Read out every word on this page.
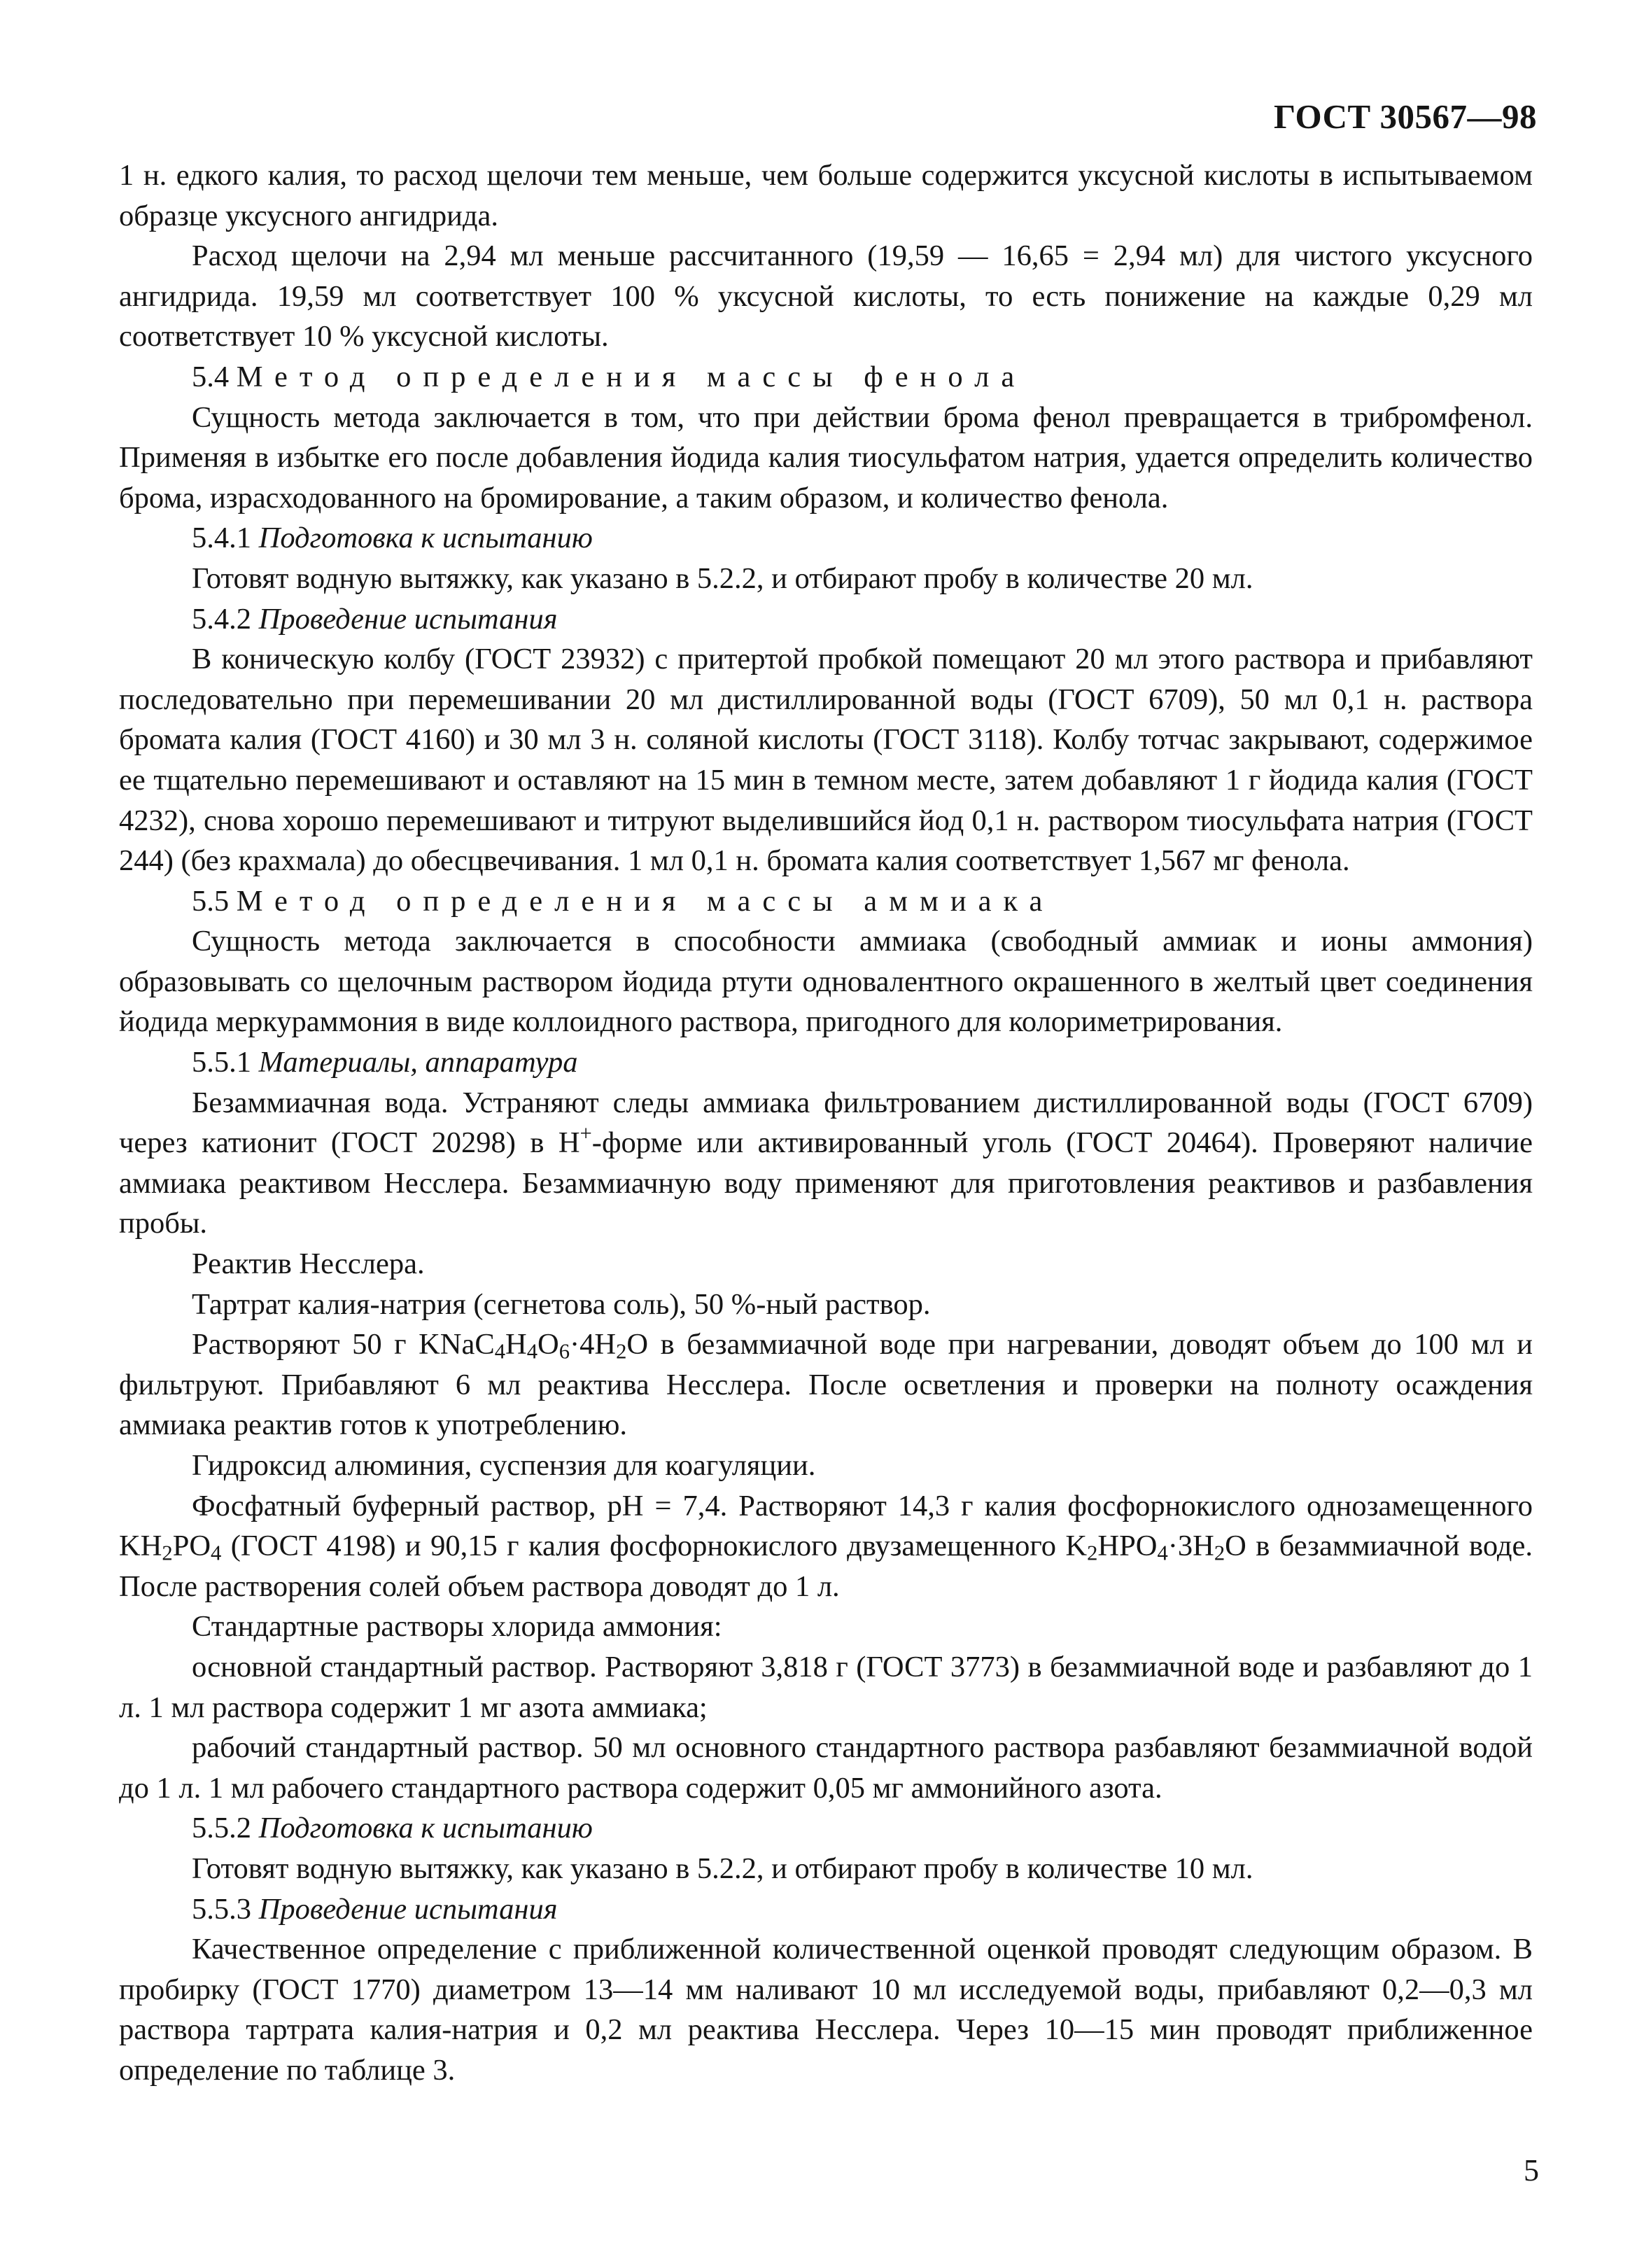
ГОСТ 30567—98

1 н. едкого калия, то расход щелочи тем меньше, чем больше содержится уксусной кислоты в испытываемом образце уксусного ангидрида.

Расход щелочи на 2,94 мл меньше рассчитанного (19,59 — 16,65 = 2,94 мл) для чистого уксусного ангидрида. 19,59 мл соответствует 100 % уксусной кислоты, то есть понижение на каждые 0,29 мл соответствует 10 % уксусной кислоты.

5.4 Метод определения массы фенола

Сущность метода заключается в том, что при действии брома фенол превращается в трибромфенол. Применяя в избытке его после добавления йодида калия тиосульфатом натрия, удается определить количество брома, израсходованного на бромирование, а таким образом, и количество фенола.

5.4.1 Подготовка к испытанию

Готовят водную вытяжку, как указано в 5.2.2, и отбирают пробу в количестве 20 мл.

5.4.2 Проведение испытания

В коническую колбу (ГОСТ 23932) с притертой пробкой помещают 20 мл этого раствора и прибавляют последовательно при перемешивании 20 мл дистиллированной воды (ГОСТ 6709), 50 мл 0,1 н. раствора бромата калия (ГОСТ 4160) и 30 мл 3 н. соляной кислоты (ГОСТ 3118). Колбу тотчас закрывают, содержимое ее тщательно перемешивают и оставляют на 15 мин в темном месте, затем добавляют 1 г йодида калия (ГОСТ 4232), снова хорошо перемешивают и титруют выделившийся йод 0,1 н. раствором тиосульфата натрия (ГОСТ 244) (без крахмала) до обесцвечивания. 1 мл 0,1 н. бромата калия соответствует 1,567 мг фенола.

5.5 Метод определения массы аммиака

Сущность метода заключается в способности аммиака (свободный аммиак и ионы аммония) образовывать со щелочным раствором йодида ртути одновалентного окрашенного в желтый цвет соединения йодида меркураммония в виде коллоидного раствора, пригодного для колориметрирования.

5.5.1 Материалы, аппаратура

Безаммиачная вода. Устраняют следы аммиака фильтрованием дистиллированной воды (ГОСТ 6709) через катионит (ГОСТ 20298) в H+-форме или активированный уголь (ГОСТ 20464). Проверяют наличие аммиака реактивом Несслера. Безаммиачную воду применяют для приготовления реактивов и разбавления пробы.

Реактив Несслера.

Тартрат калия-натрия (сегнетова соль), 50 %-ный раствор.

Растворяют 50 г $KNaC_4H_4O_6\cdot 4H_2O$ в безаммиачной воде при нагревании, доводят объем до 100 мл и фильтруют. Прибавляют 6 мл реактива Несслера. После осветления и проверки на полноту осаждения аммиака реактив готов к употреблению.

Гидроксид алюминия, суспензия для коагуляции.

Фосфатный буферный раствор, pH = 7,4. Растворяют 14,3 г калия фосфорнокислого однозамещенного $KH_2PO_4$ (ГОСТ 4198) и 90,15 г калия фосфорнокислого двузамещенного $K_2HPO_4\cdot 3H_2O$ в безаммиачной воде. После растворения солей объем раствора доводят до 1 л.

Стандартные растворы хлорида аммония:

основной стандартный раствор. Растворяют 3,818 г (ГОСТ 3773) в безаммиачной воде и разбавляют до 1 л. 1 мл раствора содержит 1 мг азота аммиака;

рабочий стандартный раствор. 50 мл основного стандартного раствора разбавляют безаммиачной водой до 1 л. 1 мл рабочего стандартного раствора содержит 0,05 мг аммонийного азота.

5.5.2 Подготовка к испытанию

Готовят водную вытяжку, как указано в 5.2.2, и отбирают пробу в количестве 10 мл.

5.5.3 Проведение испытания

Качественное определение с приближенной количественной оценкой проводят следующим образом. В пробирку (ГОСТ 1770) диаметром 13—14 мм наливают 10 мл исследуемой воды, прибавляют 0,2—0,3 мл раствора тартрата калия-натрия и 0,2 мл реактива Несслера. Через 10—15 мин проводят приближенное определение по таблице 3.

5
